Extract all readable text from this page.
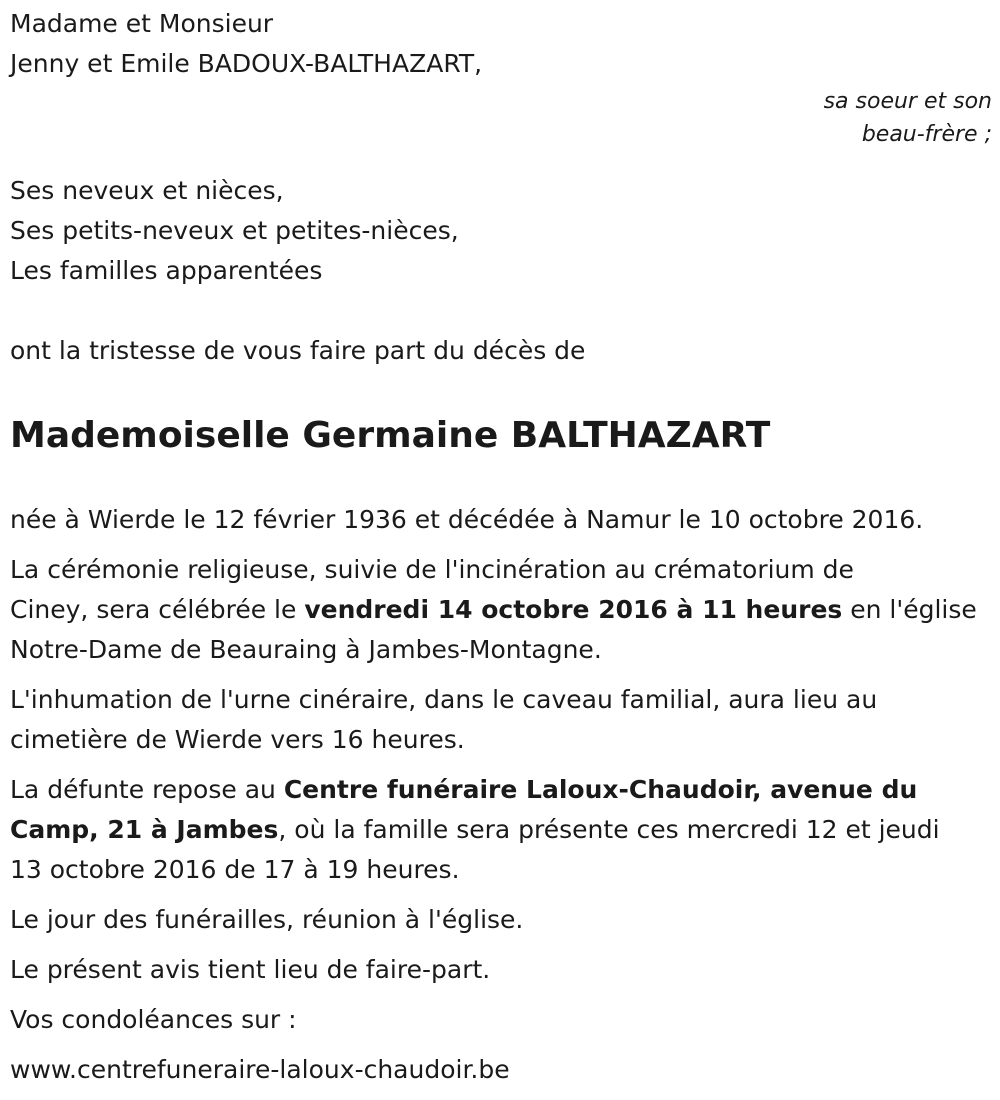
Madame et Monsieur

Jenny et Emile BADOUX-BALTHAZART,

sa soeur et son

beau-frère ;

Ses neveux et nièces,

Ses petits-neveux et petites-nièces,

Les familles apparentées

ont la tristesse de vous faire part du décès de

Mademoiselle Germaine BALTHAZART

née à Wierde le 12 février 1936 et décédée à Namur le 10 octobre 2016.

La cérémonie religieuse, suivie de l'incinération au crématorium de
Ciney, sera célébrée le vendredi 14 octobre 2016 à 11 heures en l'église
Notre-Dame de Beauraing à Jambes-Montagne.

L'inhumation de l'urne cinéraire, dans le caveau familial, aura lieu au
cimetière de Wierde vers 16 heures.

La défunte repose au Centre funéraire Laloux-Chaudoir, avenue du
Camp, 21 à Jambes, où la famille sera présente ces mercredi 12 et jeudi
13 octobre 2016 de 17 à 19 heures.

Le jour des funérailles, réunion à l'église.

Le présent avis tient lieu de faire-part.

Vos condoléances sur :

www.centrefuneraire-laloux-chaudoir.be
